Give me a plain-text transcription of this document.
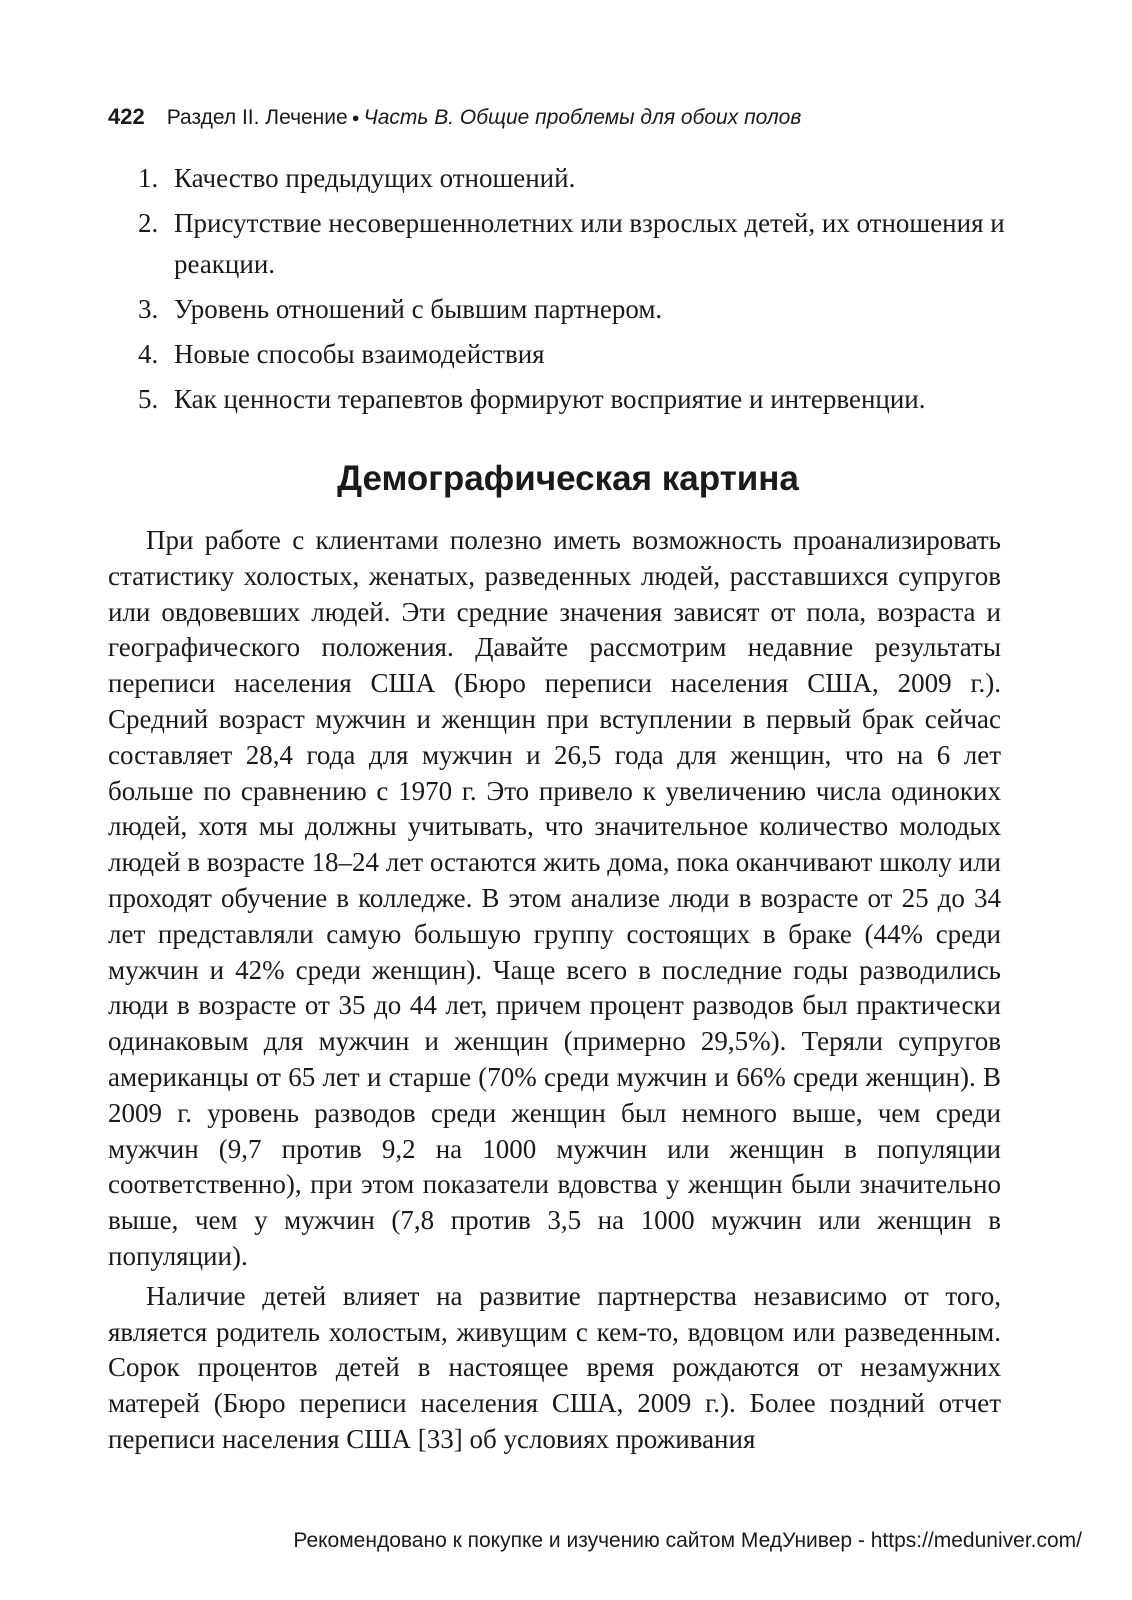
422 Раздел II. Лечение ● Часть В. Общие проблемы для обоих полов
1. Качество предыдущих отношений.
2. Присутствие несовершеннолетних или взрослых детей, их отношения и реакции.
3. Уровень отношений с бывшим партнером.
4. Новые способы взаимодействия
5. Как ценности терапевтов формируют восприятие и интервенции.
Демографическая картина

При работе с клиентами полезно иметь возможность проанализировать статистику холостых, женатых, разведенных людей, расставшихся супругов или овдовевших людей. Эти средние значения зависят от пола, возраста и географического положения. Давайте рассмотрим недавние результаты переписи населения США (Бюро переписи населения США, 2009 г.). Средний возраст мужчин и женщин при вступлении в первый брак сейчас составляет 28,4 года для мужчин и 26,5 года для женщин, что на 6 лет больше по сравнению с 1970 г. Это привело к увеличению числа одиноких людей, хотя мы должны учитывать, что значительное количество молодых людей в возрасте 18–24 лет остаются жить дома, пока оканчивают школу или проходят обучение в колледже. В этом анализе люди в возрасте от 25 до 34 лет представляли самую большую группу состоящих в браке (44% среди мужчин и 42% среди женщин). Чаще всего в последние годы разводились люди в возрасте от 35 до 44 лет, причем процент разводов был практически одинаковым для мужчин и женщин (примерно 29,5%). Теряли супругов американцы от 65 лет и старше (70% среди мужчин и 66% среди женщин). В 2009 г. уровень разводов среди женщин был немного выше, чем среди мужчин (9,7 против 9,2 на 1000 мужчин или женщин в популяции соответственно), при этом показатели вдовства у женщин были значительно выше, чем у мужчин (7,8 против 3,5 на 1000 мужчин или женщин в популяции).

Наличие детей влияет на развитие партнерства независимо от того, является родитель холостым, живущим с кем-то, вдовцом или разведенным. Сорок процентов детей в настоящее время рождаются от незамужних матерей (Бюро переписи населения США, 2009 г.). Более поздний отчет переписи населения США [33] об условиях проживания

Рекомендовано к покупке и изучению сайтом МедУнивер - https://meduniver.com/
